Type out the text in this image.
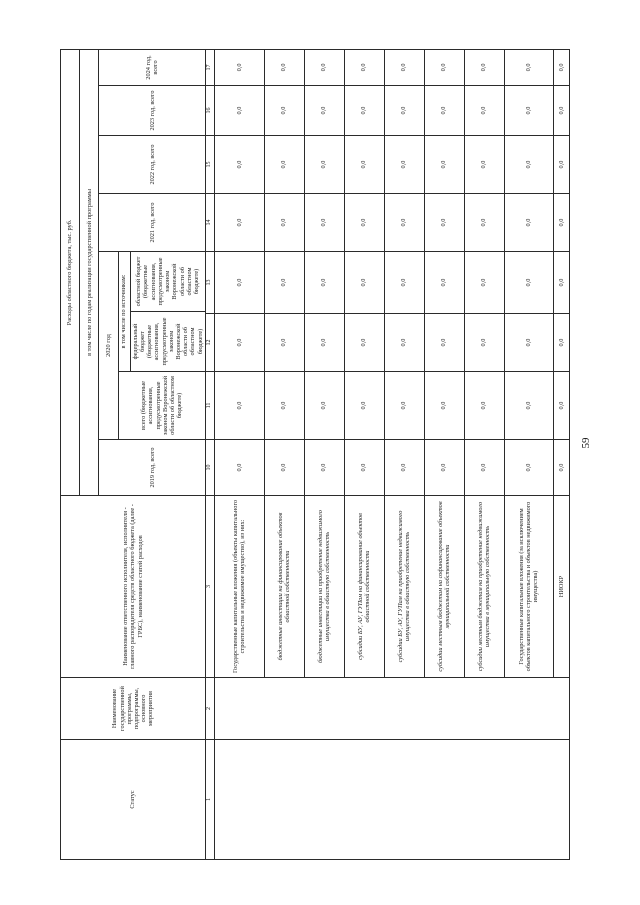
59
Статус	Наименование государственной программы, подпрограммы, основного мероприятия	Наименование ответственного исполнителя, исполнителя - главного распорядителя средств областного бюджета (далее - ГРБС), наименование статей расходов	Расходы областного бюджета, тыс. руб.
в том числе по годам реализации государственной программы
2019 год, всего	2020 год	2021 год, всего	2022 год, всего	2023 год, всего	2024 год, всего
всего (бюджетные ассигнования, предусмотренные законом Воронежской области об областном бюджете)	
в том числе по источникам:федеральный бюджет (бюджетные ассигнования, предусмотренные законом Воронежской области об областном бюджете)	областной бюджет (бюджетные ассигнования, предусмотренные законом Воронежской области об областном бюджете)

1	2	3	10	11	12	13	14	15	16	17
		Государственные капитальные вложения (объекты капитального строительства и недвижимое имущество), из них:	0,0	0,0	0,0	0,0	0,0	0,0	0,0	0,0
бюджетные инвестиции на финансирование объектов областной собственности	0,0	0,0	0,0	0,0	0,0	0,0	0,0	0,0
бюджетные инвестиции на приобретение недвижимого имущества в областную собственность	0,0	0,0	0,0	0,0	0,0	0,0	0,0	0,0
субсидии БУ, АУ, ГУПам на финансирование объектов областной собственности	0,0	0,0	0,0	0,0	0,0	0,0	0,0	0,0
субсидии БУ, АУ, ГУПам на приобретение недвижимого имущества в областную собственность	0,0	0,0	0,0	0,0	0,0	0,0	0,0	0,0
субсидии местным бюджетам на софинансирование объектов муниципальной собственности	0,0	0,0	0,0	0,0	0,0	0,0	0,0	0,0
субсидии местным бюджетам на приобретение недвижимого имущества в муниципальную собственность	0,0	0,0	0,0	0,0	0,0	0,0	0,0	0,0
Государственные капитальные вложения (за исключением объектов капитального строительства и объектов недвижимого имущества)	0,0	0,0	0,0	0,0	0,0	0,0	0,0	0,0
НИОКР	0,0	0,0	0,0	0,0	0,0	0,0	0,0	0,0
